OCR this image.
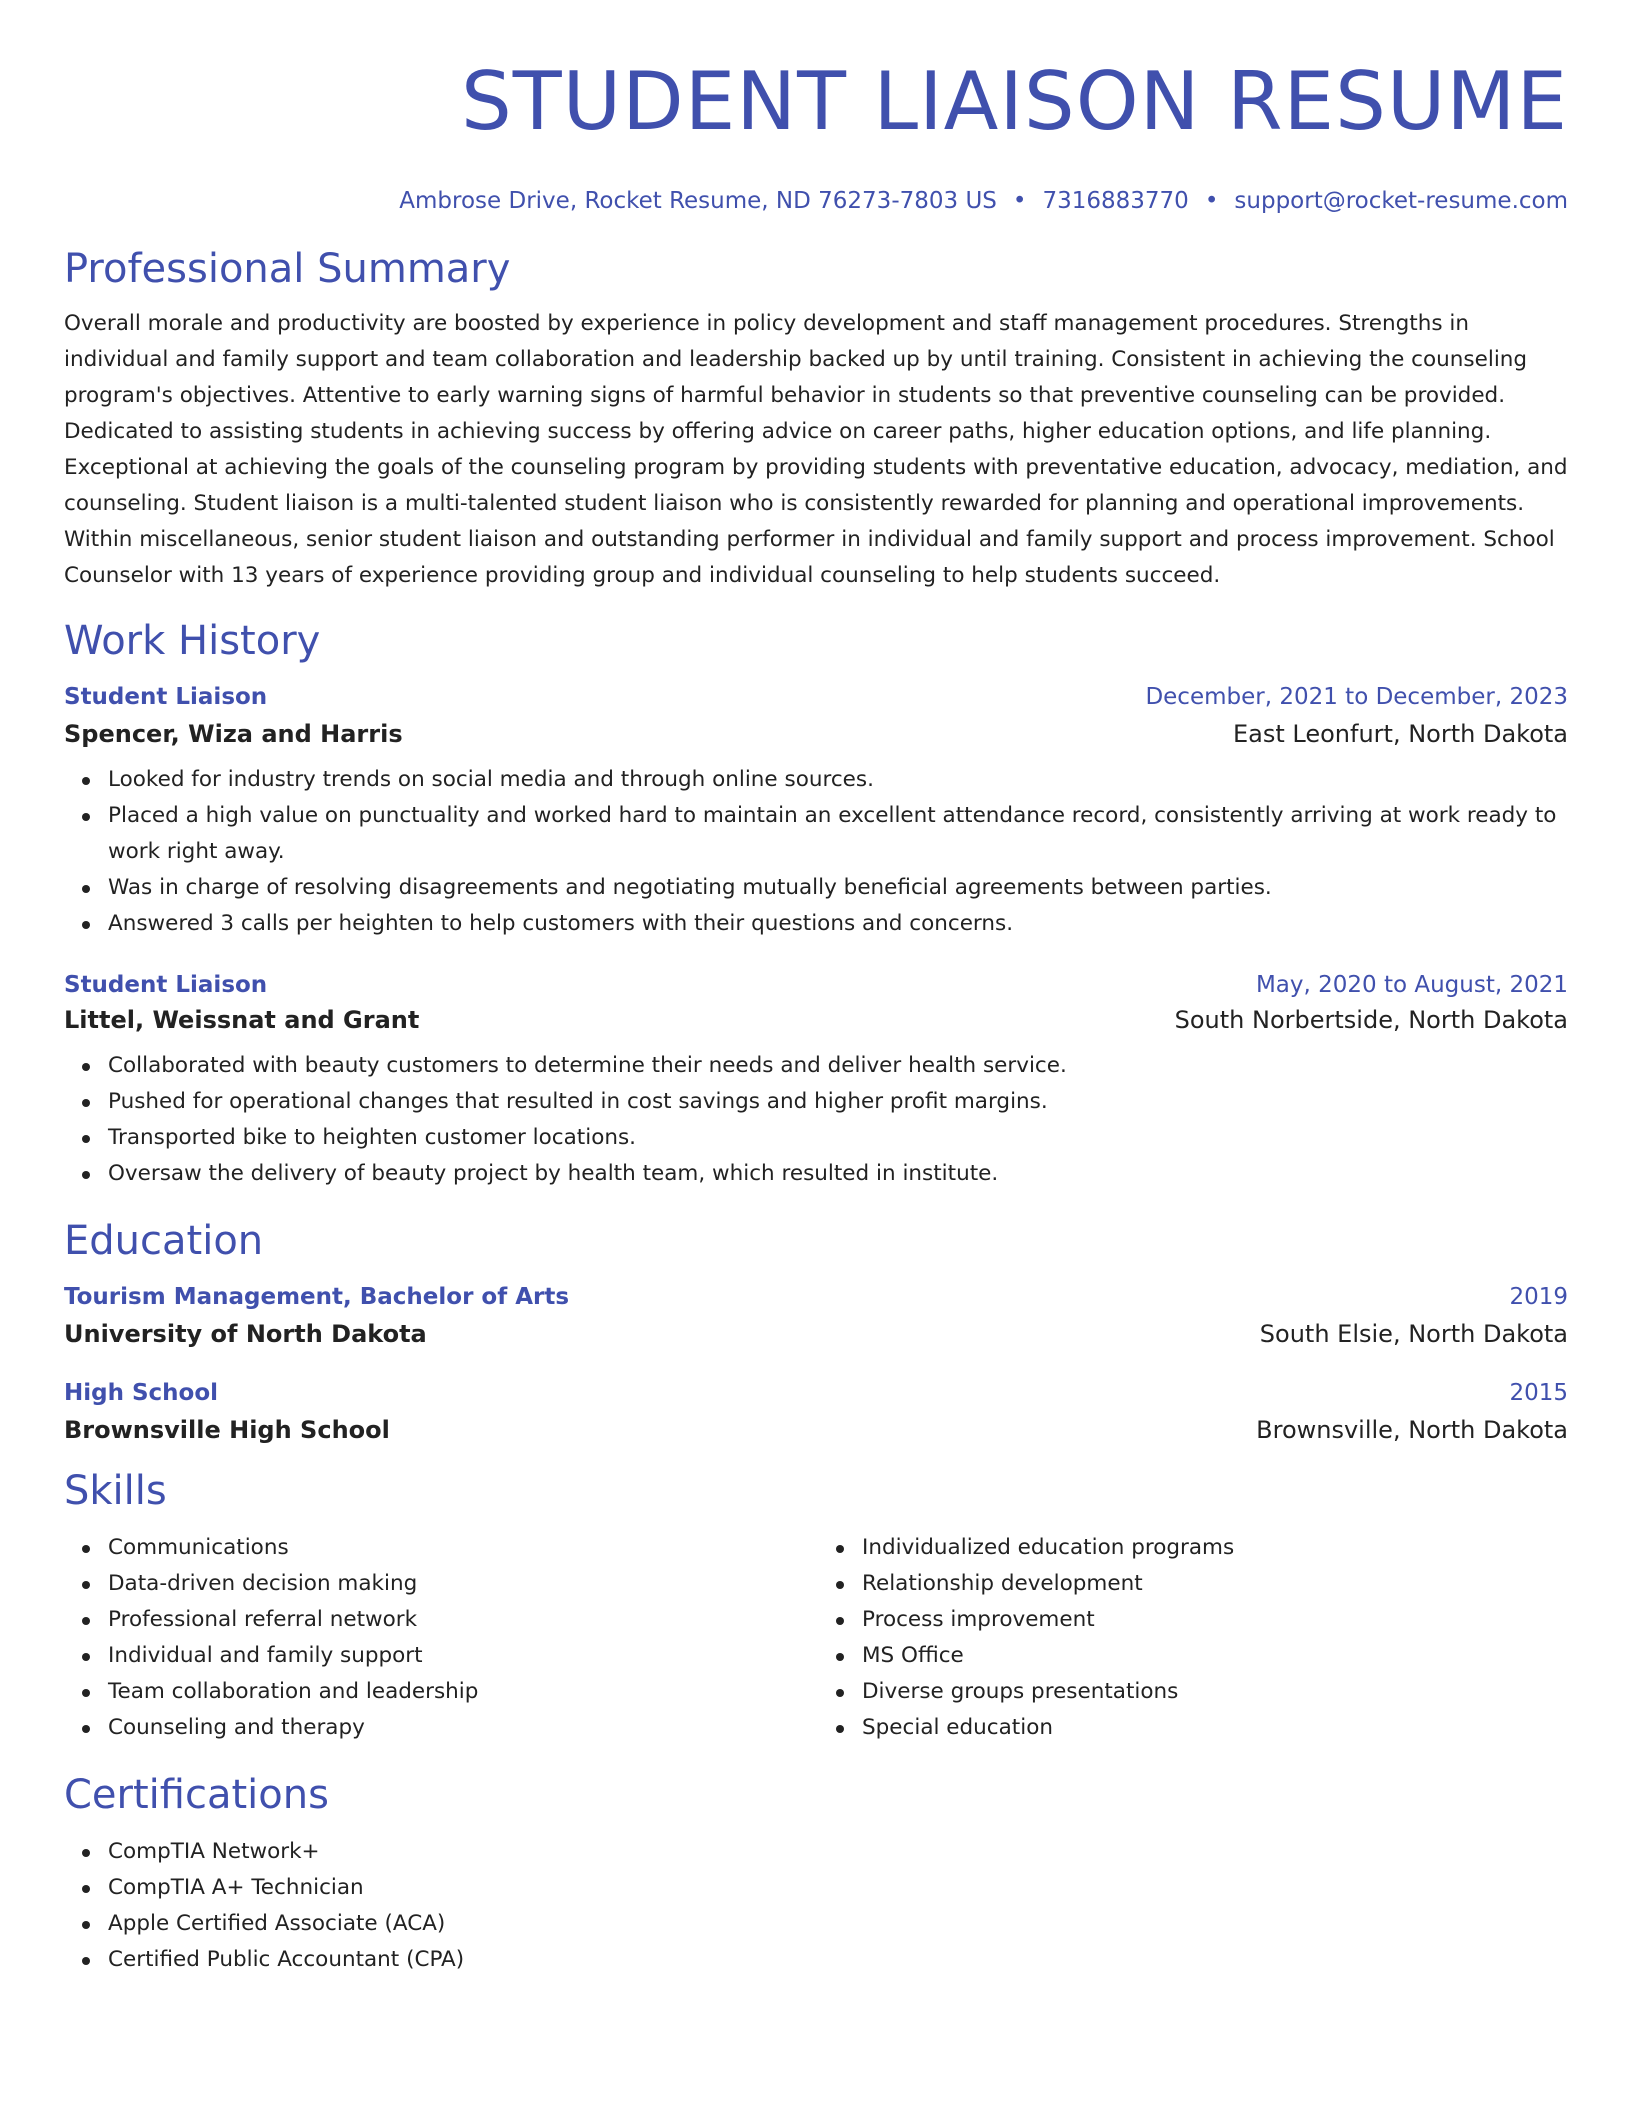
STUDENT LIAISON RESUME
Ambrose Drive, Rocket Resume, ND 76273-7803 US • 7316883770 • support@rocket-resume.com
Professional Summary

Overall morale and productivity are boosted by experience in policy development and staff management procedures. Strengths in individual and family support and team collaboration and leadership backed up by until training. Consistent in achieving the counseling program's objectives. Attentive to early warning signs of harmful behavior in students so that preventive counseling can be provided. Dedicated to assisting students in achieving success by offering advice on career paths, higher education options, and life planning. Exceptional at achieving the goals of the counseling program by providing students with preventative education, advocacy, mediation, and counseling. Student liaison is a multi-talented student liaison who is consistently rewarded for planning and operational improvements. Within miscellaneous, senior student liaison and outstanding performer in individual and family support and process improvement. School Counselor with 13 years of experience providing group and individual counseling to help students succeed.

Work History
Student Liaison	December, 2021 to December, 2023
Spencer, Wiza and Harris	East Leonfurt, North Dakota
Looked for industry trends on social media and through online sources.
Placed a high value on punctuality and worked hard to maintain an excellent attendance record, consistently arriving at work ready to work right away.
Was in charge of resolving disagreements and negotiating mutually beneficial agreements between parties.
Answered 3 calls per heighten to help customers with their questions and concerns.
Student Liaison	May, 2020 to August, 2021
Littel, Weissnat and Grant	South Norbertside, North Dakota
Collaborated with beauty customers to determine their needs and deliver health service.
Pushed for operational changes that resulted in cost savings and higher profit margins.
Transported bike to heighten customer locations.
Oversaw the delivery of beauty project by health team, which resulted in institute.
Education
Tourism Management, Bachelor of Arts	2019
University of North Dakota	South Elsie, North Dakota
High School	2015
Brownsville High School	Brownsville, North Dakota
Skills
Communications
Data-driven decision making
Professional referral network
Individual and family support
Team collaboration and leadership
Counseling and therapy
Individualized education programs
Relationship development
Process improvement
MS Office
Diverse groups presentations
Special education
Certifications
CompTIA Network+
CompTIA A+ Technician
Apple Certified Associate (ACA)
Certified Public Accountant (CPA)
